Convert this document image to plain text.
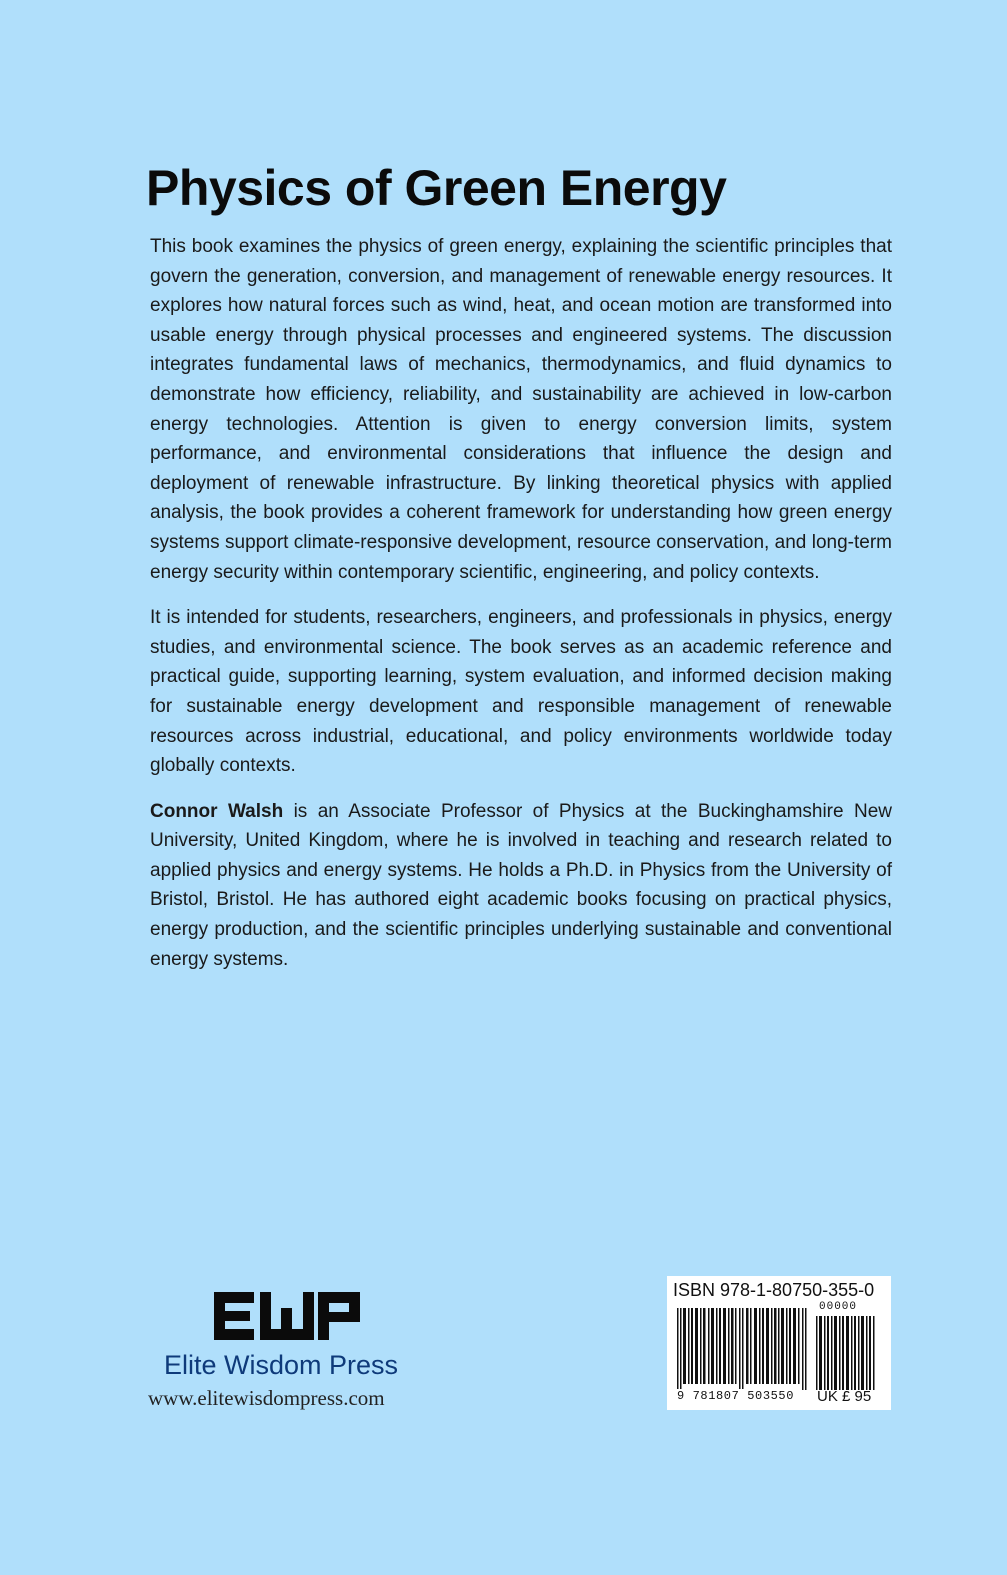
Physics of Green Energy

This book examines the physics of green energy, explaining the scientific principles that govern the generation, conversion, and management of renewable energy resources. It explores how natural forces such as wind, heat, and ocean motion are transformed into usable energy through physical processes and engineered systems. The discussion integrates fundamental laws of mechanics, thermodynamics, and fluid dynamics to demonstrate how efficiency, reliability, and sustainability are achieved in low-carbon energy technologies. Attention is given to energy conversion limits, system performance, and environmental considerations that influence the design and deployment of renewable infrastructure. By linking theoretical physics with applied analysis, the book provides a coherent framework for understanding how green energy systems support climate-responsive development, resource conservation, and long-term energy security within contemporary scientific, engineering, and policy contexts.

It is intended for students, researchers, engineers, and professionals in physics, energy studies, and environmental science. The book serves as an academic reference and practical guide, supporting learning, system evaluation, and informed decision making for sustainable energy development and responsible management of renewable resources across industrial, educational, and policy environments worldwide today globally contexts.

Connor Walsh is an Associate Professor of Physics at the Buckinghamshire New University, United Kingdom, where he is involved in teaching and research related to applied physics and energy systems. He holds a Ph.D. in Physics from the University of Bristol, Bristol. He has authored eight academic books focusing on practical physics, energy production, and the scientific principles underlying sustainable and conventional energy systems.

Elite Wisdom Press
www.elitewisdompress.com
ISBN 978-1-80750-355-0
00000
9 781807 503550 UK £ 95
